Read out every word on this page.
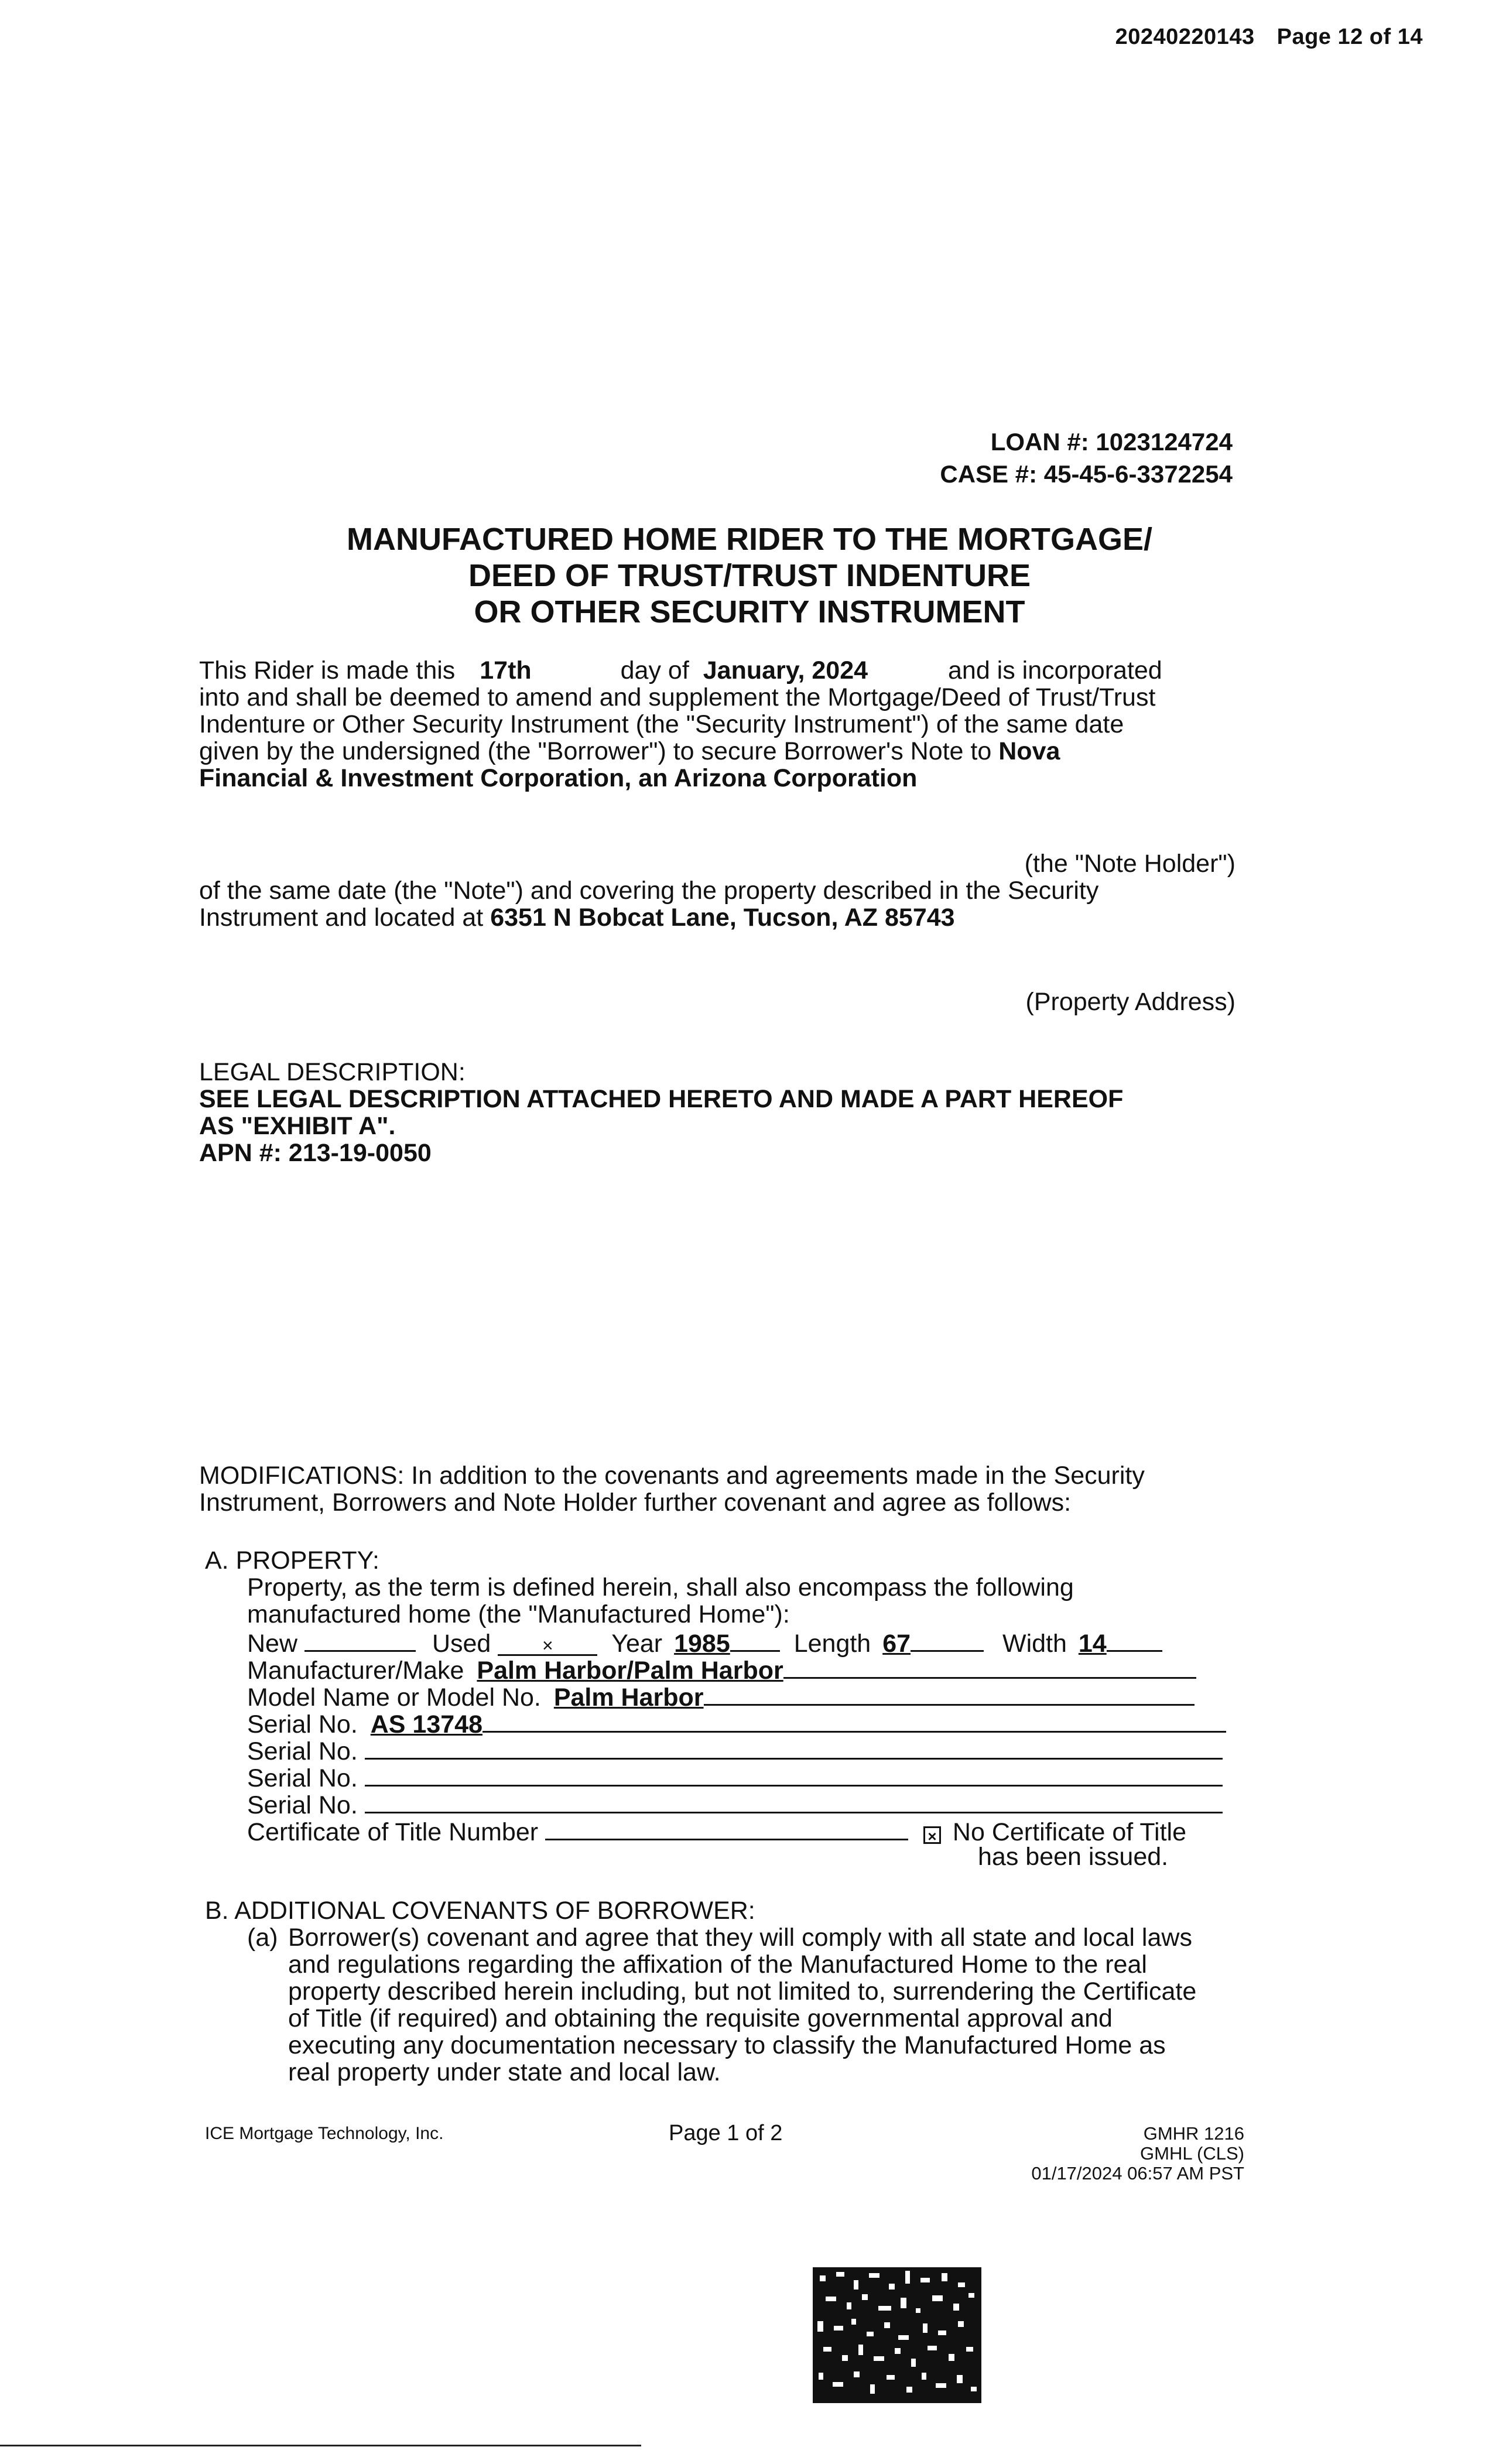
20240220143 Page 12 of 14
LOAN #: 1023124724
CASE #: 45-45-6-3372254
MANUFACTURED HOME RIDER TO THE MORTGAGE/
DEED OF TRUST/TRUST INDENTURE
OR OTHER SECURITY INSTRUMENT
This Rider is made this 17th	day of January, 2024	and is incorporated
into and shall be deemed to amend and supplement the Mortgage/Deed of Trust/Trust
Indenture or Other Security Instrument (the "Security Instrument") of the same date
given by the undersigned (the "Borrower") to secure Borrower's Note to Nova
Financial & Investment Corporation, an Arizona Corporation
(the "Note Holder")
of the same date (the "Note") and covering the property described in the Security
Instrument and located at 6351 N Bobcat Lane, Tucson, AZ 85743
(Property Address)
LEGAL DESCRIPTION:
SEE LEGAL DESCRIPTION ATTACHED HERETO AND MADE A PART HEREOF
AS "EXHIBIT A".
APN #: 213-19-0050
MODIFICATIONS: In addition to the covenants and agreements made in the Security
Instrument, Borrowers and Note Holder further covenant and agree as follows:
A. PROPERTY:
Property, as the term is defined herein, shall also encompass the following
manufactured home (the "Manufactured Home"):
New	Used	× Year 1985	Length 67	Width 14
Manufacturer/Make Palm Harbor/Palm Harbor
Model Name or Model No. Palm Harbor
Serial No. AS 13748
Serial No.
Serial No.
Serial No.
Certificate of Title Number	× No Certificate of Title
has been issued.
B. ADDITIONAL COVENANTS OF BORROWER:
(a) Borrower(s) covenant and agree that they will comply with all state and local laws
and regulations regarding the affixation of the Manufactured Home to the real
property described herein including, but not limited to, surrendering the Certificate
of Title (if required) and obtaining the requisite governmental approval and
executing any documentation necessary to classify the Manufactured Home as
real property under state and local law.
ICE Mortgage Technology, Inc.	Page 1 of 2	GMHR 1216
GMHL (CLS)
01/17/2024 06:57 AM PST
